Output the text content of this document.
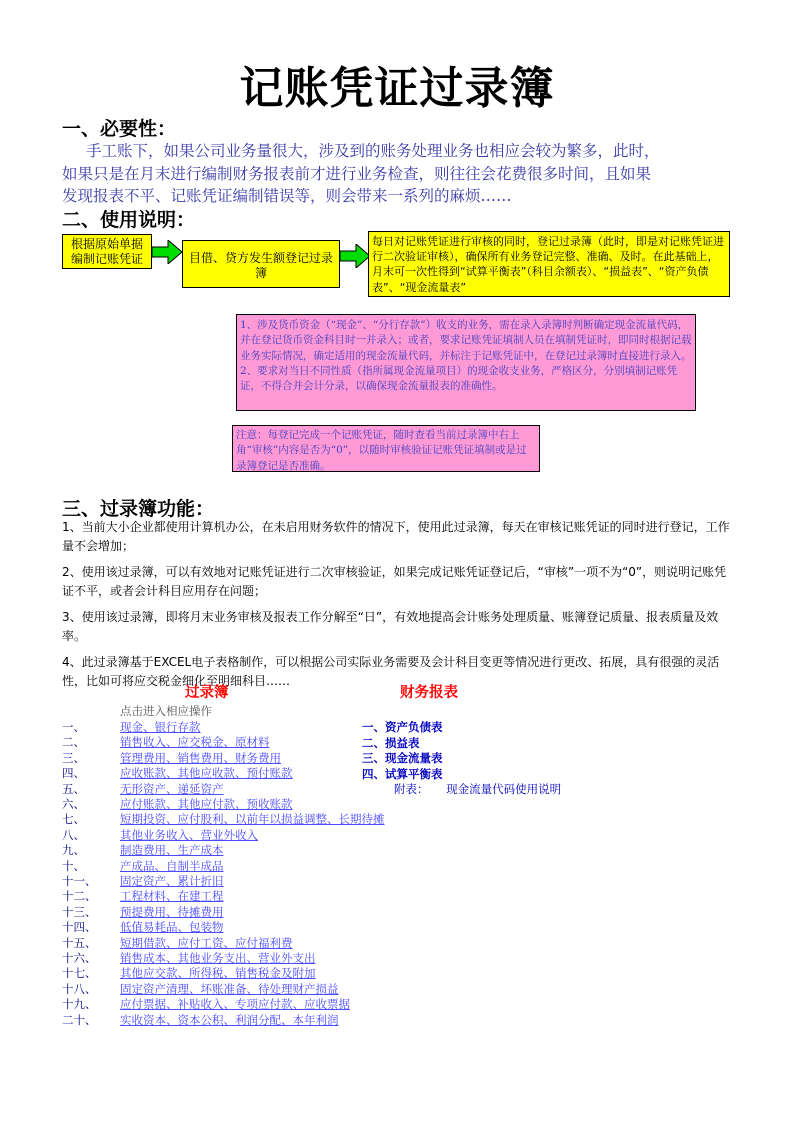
记账凭证过录簿
一、必要性：

手工账下，如果公司业务量很大，涉及到的账务处理业务也相应会较为繁多，此时，

如果只是在月末进行编制财务报表前才进行业务检查，则往往会花费很多时间，且如果

发现报表不平、记账凭证编制错误等，则会带来一系列的麻烦……

二、使用说明：
根据原始单据编制记账凭证	目借、贷方发生额登记过录簿
每日对记账凭证进行审核的同时，登记过录簿（此时，即是对记账凭证进行二次验证审核），确保所有业务登记完整、准确、及时。在此基础上，月末可一次性得到“试算平衡表”（科目余额表）、“损益表”、“资产负债表”、“现金流量表”
1、涉及货币资金（“现金”、“分行存款”）收支的业务，需在录入录簿时判断确定现金流量代码，并在登记货币资金科目时一并录入；或者，要求记账凭证填制人员在填制凭证时，即同时根据记载业务实际情况，确定适用的现金流量代码，并标注于记账凭证中，在登记过录簿时直接进行录入。
2、要求对当日不同性质（指所属现金流量项目）的现金收支业务，严格区分，分别填制记账凭证，不得合并会计分录，以确保现金流量报表的准确性。
注意：每登记完成一个记账凭证，随时查看当前过录簿中右上角“审核”内容是否为“0”，以随时审核验证记账凭证填制或是过录簿登记是否准确。
三、过录簿功能：

1、当前大小企业都使用计算机办公，在未启用财务软件的情况下，使用此过录簿，每天在审核记账凭证的同时进行登记，工作量不会增加；

2、使用该过录簿，可以有效地对记账凭证进行二次审核验证，如果完成记账凭证登记后，“审核”一项不为“0”，则说明记账凭证不平，或者会计科目应用存在问题；

3、使用该过录簿，即将月末业务审核及报表工作分解至“日”，有效地提高会计账务处理质量、账簿登记质量、报表质量及效率。

4、此过录簿基于EXCEL电子表格制作，可以根据公司实际业务需要及会计科目变更等情况进行更改、拓展，具有很强的灵活性，比如可将应交税金细化至明细科目……

过录簿	财务报表
点击进入相应操作
一、	现金、银行存款
二、	销售收入、应交税金、原材料
三、	管理费用、销售费用、财务费用
四、	应收账款、其他应收款、预付账款
五、	无形资产、递延资产
六、	应付账款、其他应付款、预收账款
七、	短期投资、应付股利、以前年以损益调整、长期待摊
八、	其他业务收入、营业外收入
九、	制造费用、生产成本
十、	产成品、自制半成品
十一、 固定资产、累计折旧
十二、 工程材料、在建工程
十三、 预提费用、待摊费用
十四、 低值易耗品、包装物
十五、 短期借款、应付工资、应付福利费
十六、 销售成本、其他业务支出、营业外支出
十七、 其他应交款、所得税、销售税金及附加
十八、 固定资产清理、坏账准备、待处理财产损益
十九、 应付票据、补贴收入、专项应付款、应收票据
二十、 实收资本、资本公积、利润分配、本年利润
一、资产负债表
二、损益表
三、现金流量表
四、试算平衡表
附表： 现金流量代码使用说明
